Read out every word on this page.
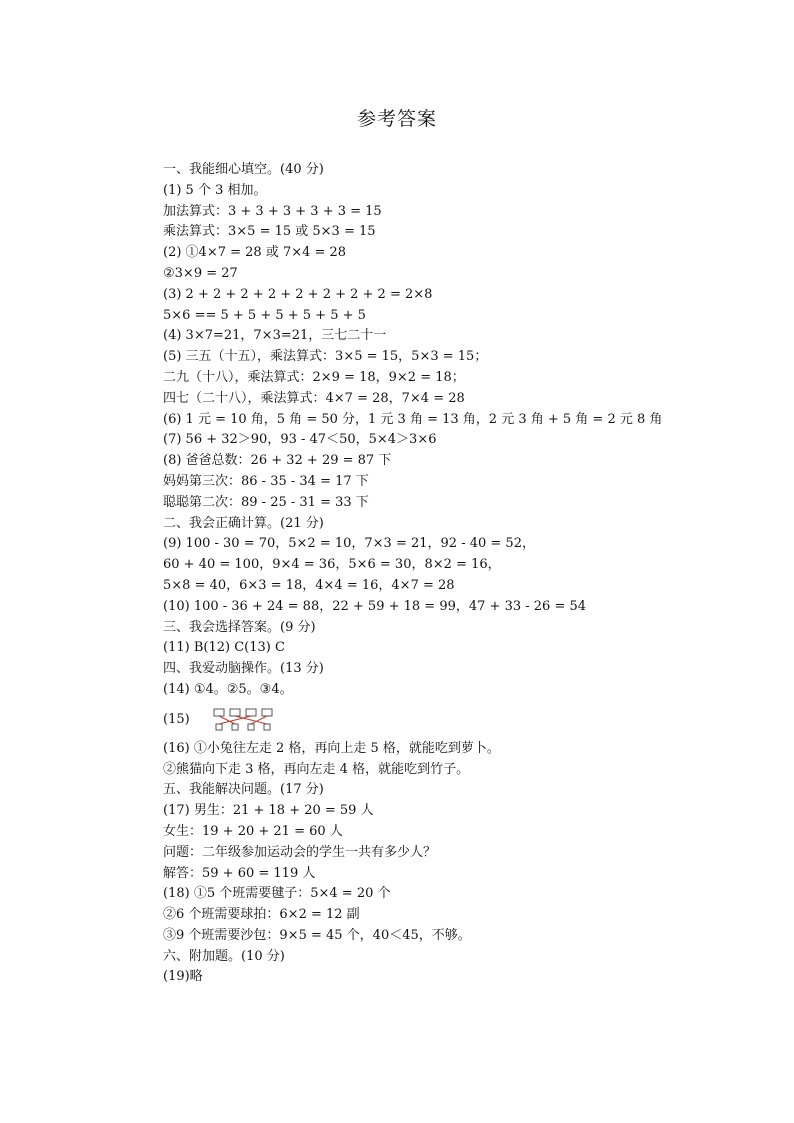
参考答案
一、我能细心填空。(40 分)
(1) 5 个 3 相加。
加法算式：3 + 3 + 3 + 3 + 3 = 15
乘法算式：3×5 = 15 或 5×3 = 15
(2) ①4×7 = 28 或 7×4 = 28
②3×9 = 27
(3) 2 + 2 + 2 + 2 + 2 + 2 + 2 + 2 = 2×8
5×6 == 5 + 5 + 5 + 5 + 5 + 5
(4) 3×7=21，7×3=21，三七二十一
(5) 三五（十五），乘法算式：3×5 = 15，5×3 = 15；
二九（十八），乘法算式：2×9 = 18，9×2 = 18；
四七（二十八），乘法算式：4×7 = 28，7×4 = 28
(6) 1 元 = 10 角，5 角 = 50 分，1 元 3 角 = 13 角，2 元 3 角 + 5 角 = 2 元 8 角
(7) 56 + 32＞90，93 - 47＜50，5×4＞3×6
(8) 爸爸总数：26 + 32 + 29 = 87 下
妈妈第三次：86 - 35 - 34 = 17 下
聪聪第二次：89 - 25 - 31 = 33 下
二、我会正确计算。(21 分)
(9) 100 - 30 = 70，5×2 = 10，7×3 = 21，92 - 40 = 52，
60 + 40 = 100，9×4 = 36，5×6 = 30，8×2 = 16，
5×8 = 40，6×3 = 18，4×4 = 16，4×7 = 28
(10) 100 - 36 + 24 = 88，22 + 59 + 18 = 99，47 + 33 - 26 = 54
三、我会选择答案。(9 分)
(11) B(12) C(13) C
四、我爱动脑操作。(13 分)
(14) ①4。②5。③4。
(15)
(16) ①小兔往左走 2 格，再向上走 5 格，就能吃到萝卜。
②熊猫向下走 3 格，再向左走 4 格，就能吃到竹子。
五、我能解决问题。(17 分)
(17) 男生：21 + 18 + 20 = 59 人
女生：19 + 20 + 21 = 60 人
问题：二年级参加运动会的学生一共有多少人？
解答：59 + 60 = 119 人
(18) ①5 个班需要毽子：5×4 = 20 个
②6 个班需要球拍：6×2 = 12 副
③9 个班需要沙包：9×5 = 45 个，40＜45，不够。
六、附加题。(10 分)
(19)略
